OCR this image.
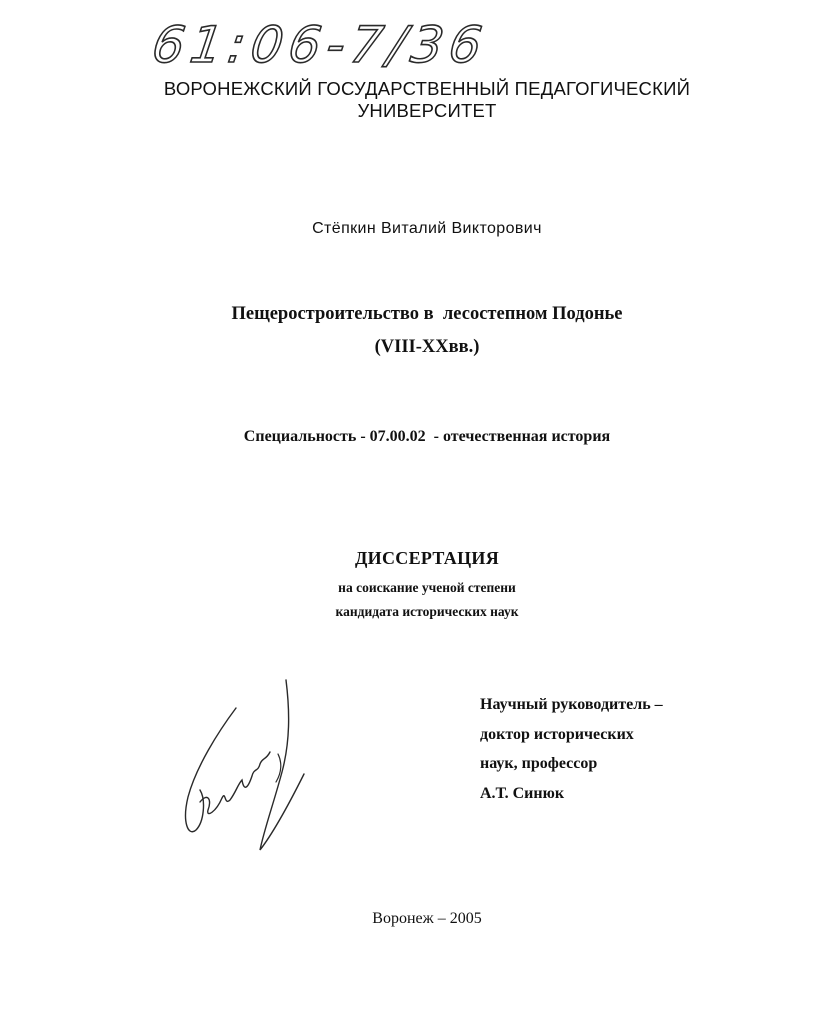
61:06-7/36
ВОРОНЕЖСКИЙ ГОСУДАРСТВЕННЫЙ ПЕДАГОГИЧЕСКИЙ
УНИВЕРСИТЕТ
Стёпкин Виталий Викторович
Пещеростроительство в  лесостепном Подонье
(VIII-XXвв.)
Специальность - 07.00.02  - отечественная история
ДИССЕРТАЦИЯ
на соискание ученой степени
кандидата исторических наук
Научный руководитель –
доктор исторических
наук, профессор
А.Т. Синюк
Воронеж – 2005
